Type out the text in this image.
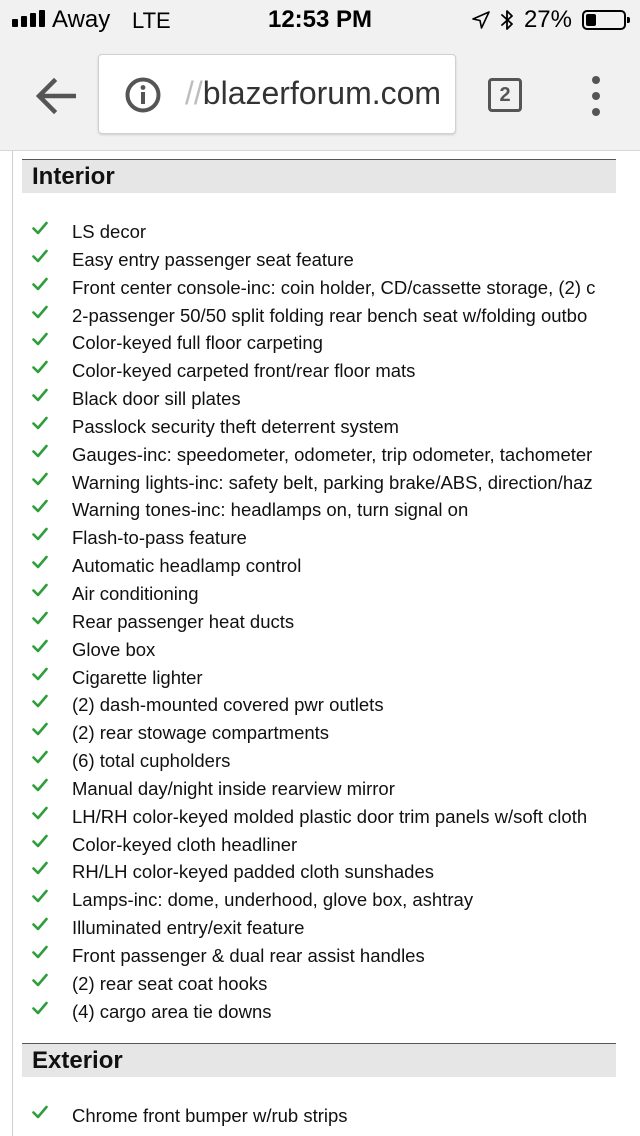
Away LTE	12:53 PM	27%
//blazerforum.com	2
Interior
LS decor
Easy entry passenger seat feature
Front center console-inc: coin holder, CD/cassette storage, (2) c
2-passenger 50/50 split folding rear bench seat w/folding outbo
Color-keyed full floor carpeting
Color-keyed carpeted front/rear floor mats
Black door sill plates
Passlock security theft deterrent system
Gauges-inc: speedometer, odometer, trip odometer, tachometer
Warning lights-inc: safety belt, parking brake/ABS, direction/haz
Warning tones-inc: headlamps on, turn signal on
Flash-to-pass feature
Automatic headlamp control
Air conditioning
Rear passenger heat ducts
Glove box
Cigarette lighter
(2) dash-mounted covered pwr outlets
(2) rear stowage compartments
(6) total cupholders
Manual day/night inside rearview mirror
LH/RH color-keyed molded plastic door trim panels w/soft cloth
Color-keyed cloth headliner
RH/LH color-keyed padded cloth sunshades
Lamps-inc: dome, underhood, glove box, ashtray
Illuminated entry/exit feature
Front passenger & dual rear assist handles
(2) rear seat coat hooks
(4) cargo area tie downs
Exterior
Chrome front bumper w/rub strips
